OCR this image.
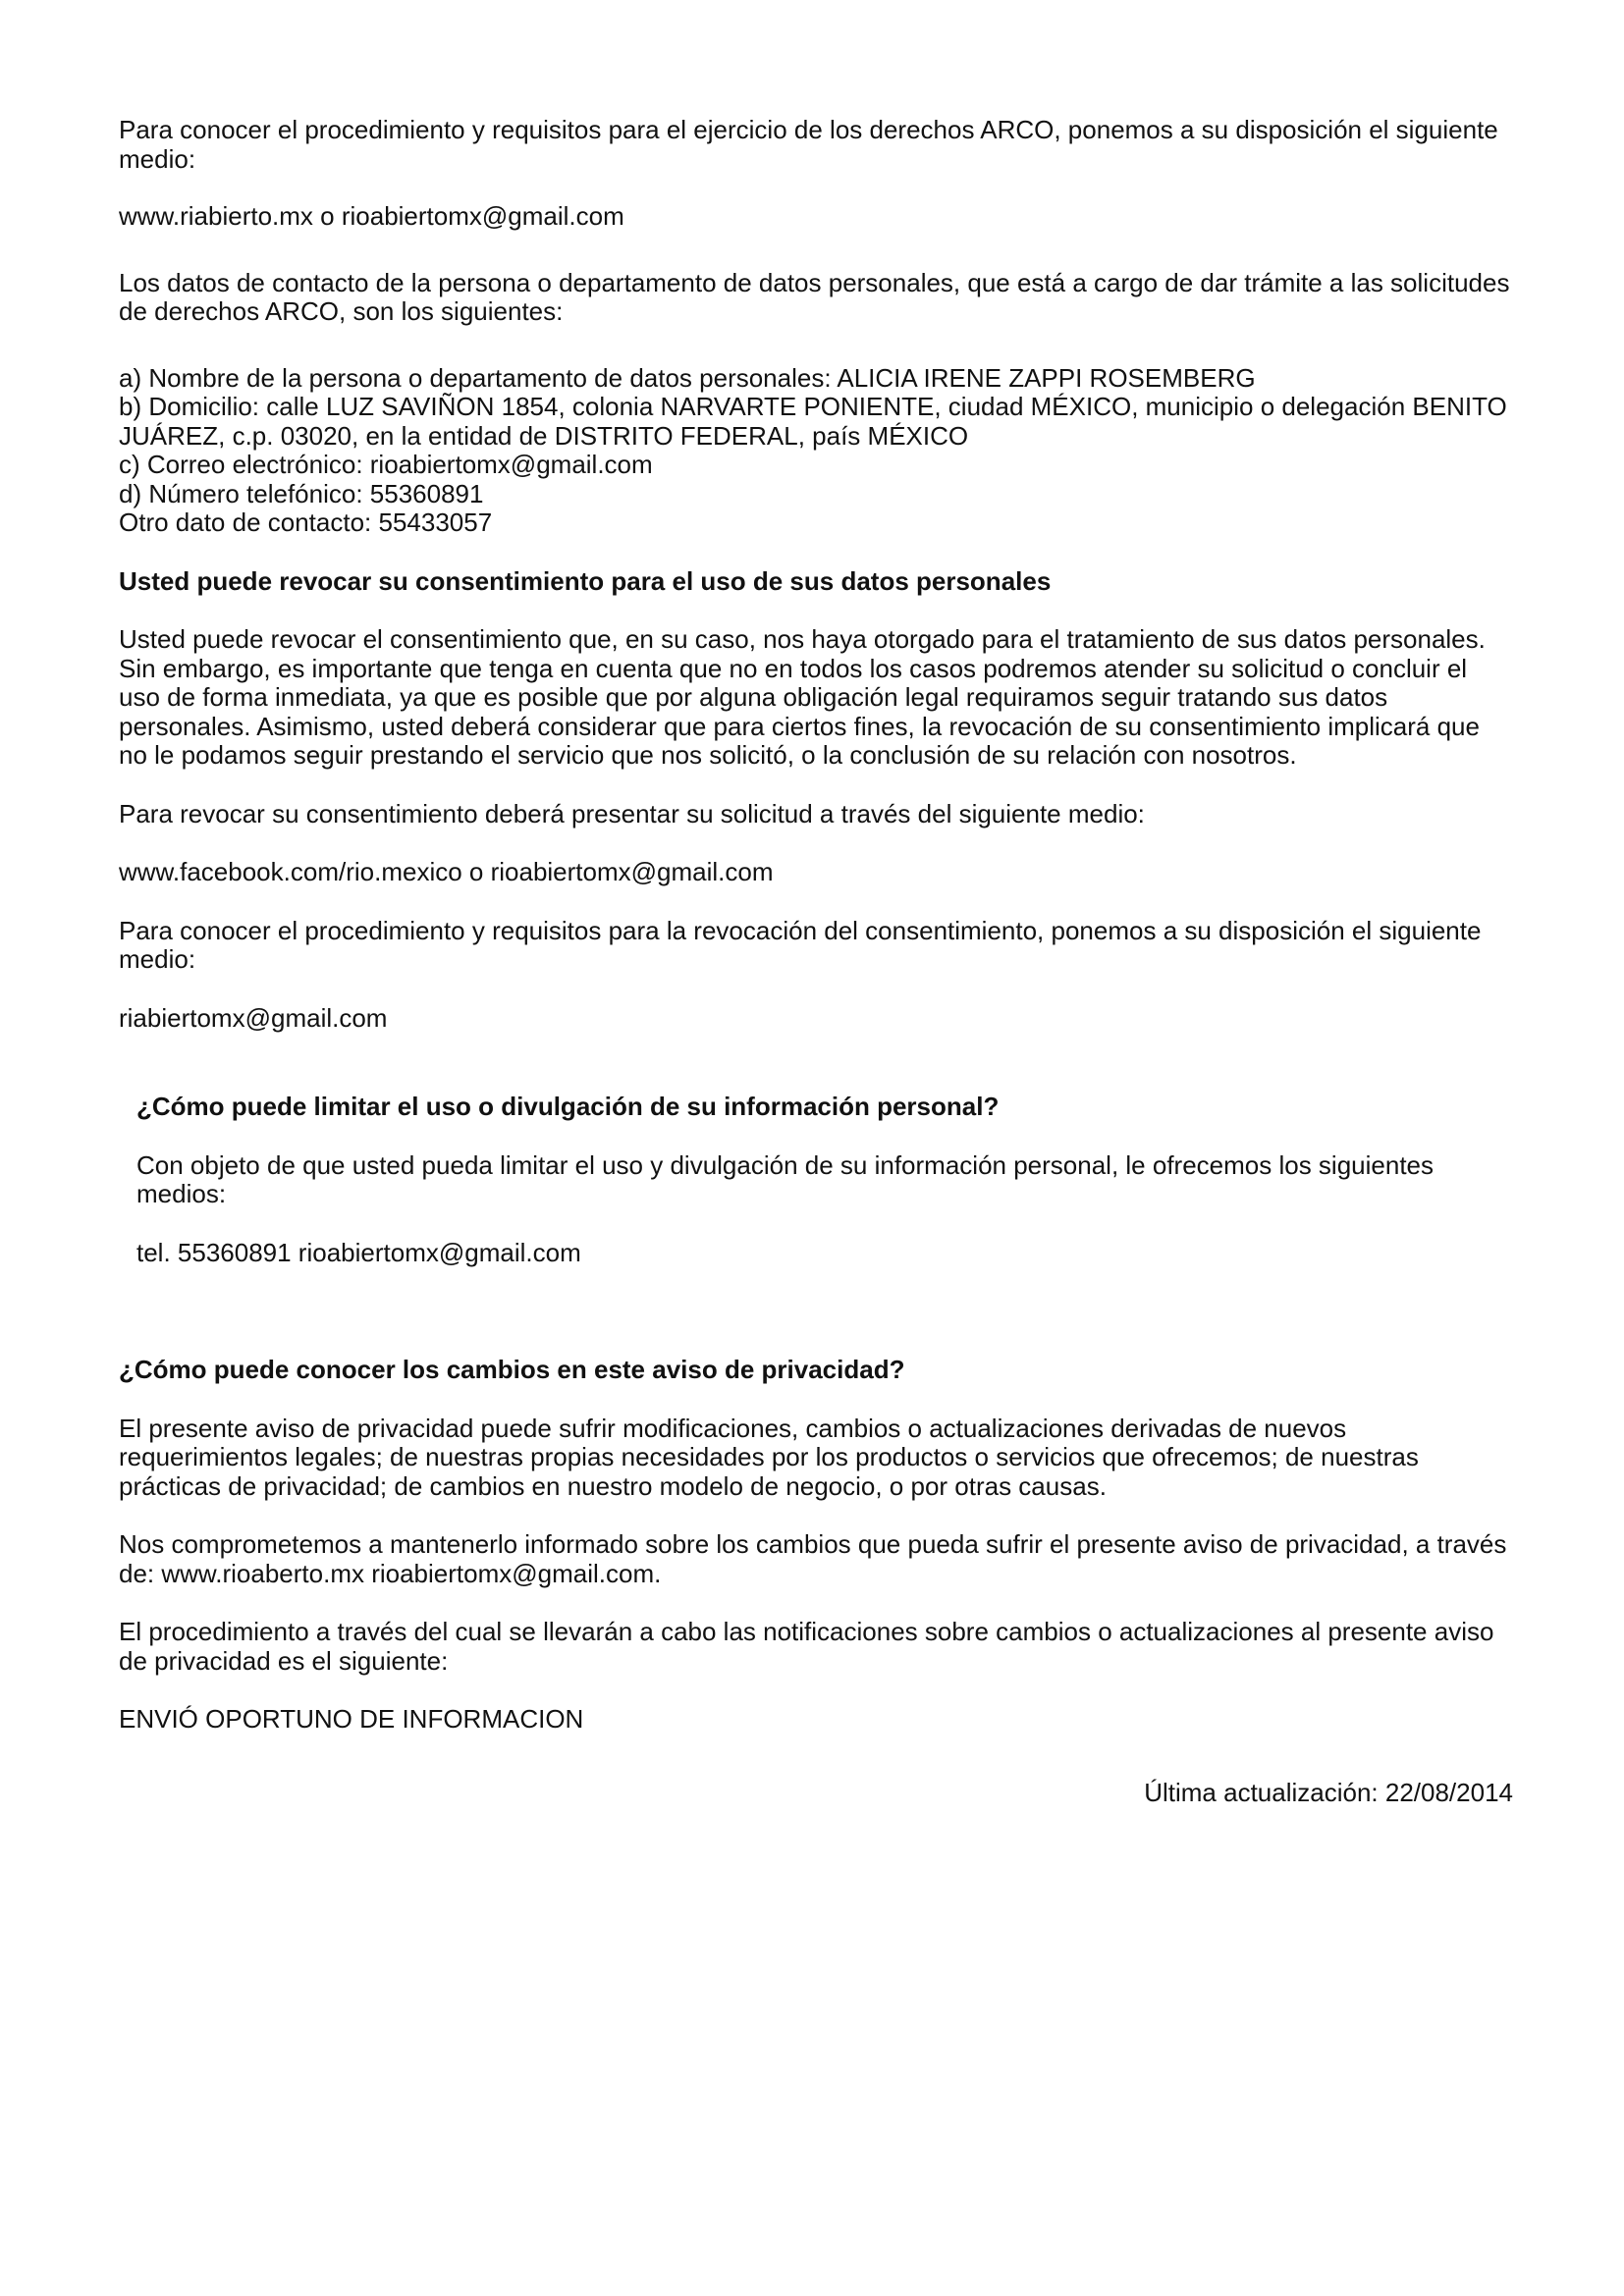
Para conocer el procedimiento y requisitos para el ejercicio de los derechos ARCO, ponemos a su disposición el siguiente medio:

www.riabierto.mx o rioabiertomx@gmail.com

Los datos de contacto de la persona o departamento de datos personales, que está a cargo de dar trámite a las solicitudes de derechos ARCO, son los siguientes:

a) Nombre de la persona o departamento de datos personales: ALICIA IRENE ZAPPI ROSEMBERG

b) Domicilio: calle LUZ SAVIÑON 1854, colonia NARVARTE PONIENTE, ciudad MÉXICO, municipio o delegación BENITO JUÁREZ, c.p. 03020, en la entidad de DISTRITO FEDERAL, país MÉXICO

c) Correo electrónico: rioabiertomx@gmail.com

d) Número telefónico: 55360891

Otro dato de contacto: 55433057

Usted puede revocar su consentimiento para el uso de sus datos personales

Usted puede revocar el consentimiento que, en su caso, nos haya otorgado para el tratamiento de sus datos personales. Sin embargo, es importante que tenga en cuenta que no en todos los casos podremos atender su solicitud o concluir el uso de forma inmediata, ya que es posible que por alguna obligación legal requiramos seguir tratando sus datos personales. Asimismo, usted deberá considerar que para ciertos fines, la revocación de su consentimiento implicará que no le podamos seguir prestando el servicio que nos solicitó, o la conclusión de su relación con nosotros.

Para revocar su consentimiento deberá presentar su solicitud a través del siguiente medio:

www.facebook.com/rio.mexico o rioabiertomx@gmail.com

Para conocer el procedimiento y requisitos para la revocación del consentimiento, ponemos a su disposición el siguiente medio:

riabiertomx@gmail.com

¿Cómo puede limitar el uso o divulgación de su información personal?

Con objeto de que usted pueda limitar el uso y divulgación de su información personal, le ofrecemos los siguientes medios:

tel. 55360891 rioabiertomx@gmail.com

¿Cómo puede conocer los cambios en este aviso de privacidad?

El presente aviso de privacidad puede sufrir modificaciones, cambios o actualizaciones derivadas de nuevos requerimientos legales; de nuestras propias necesidades por los productos o servicios que ofrecemos; de nuestras prácticas de privacidad; de cambios en nuestro modelo de negocio, o por otras causas.

Nos comprometemos a mantenerlo informado sobre los cambios que pueda sufrir el presente aviso de privacidad, a través de: www.rioaberto.mx rioabiertomx@gmail.com.

El procedimiento a través del cual se llevarán a cabo las notificaciones sobre cambios o actualizaciones al presente aviso de privacidad es el siguiente:

ENVIÓ OPORTUNO DE INFORMACION

Última actualización: 22/08/2014
